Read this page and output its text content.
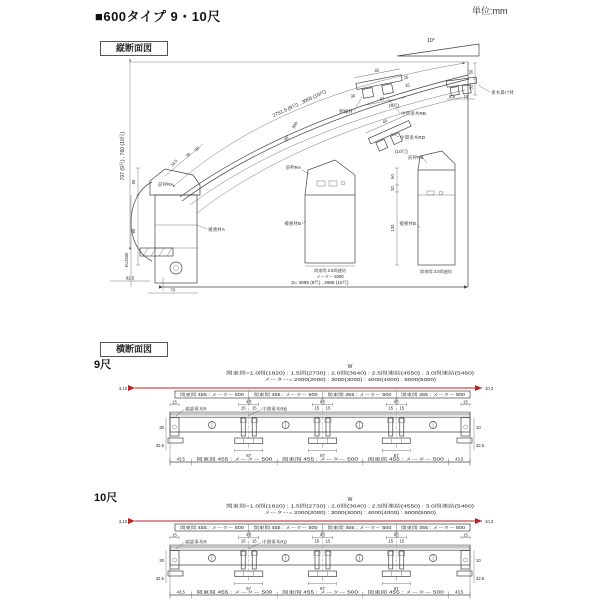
■600タイプ 9・10尺	単位:mm
縦断面図
10°
707 (9尺) , 760 (10尺)
2751.5 (9尺) , 3056 (10尺)
300
35°
34.5
30
50
45
67
30
25
15
野縁材
(9尺)
中間垂木RB
50
31
8.5 16
垂木掛け材
45
中間垂木RD
(10尺)
前枠RB
60
85
H=2400
92.5
70
前枠RA
補強材A
前枠RA
補強材B
関東間 2.5間連結
メーター 5000
60
20
120
補強材B
関東間 3.0間連結
D= 2685 (9尺) , 2985 (10尺)
横断面図
9尺	W
関東間=1.0間(1820) : 1.5間(2730) : 2.0間(3640) : 2.5間連結(4550) : 3.0間連結(5460)
メーター= 2000(2000) : 3000(3000) : 4000(4000) : 5000(5000)
3,10	10,3
関東間 455 : メーター 500	関東間 455 : メーター 500	関東間 455 : メーター 500	関東間 455 : メーター 500
15	15
45	45	45
15 15	15 15	15 15
67	67	67
端部垂木R	中間垂木RB
30
32.5
10
32.5
43.5	関東間 455 : メーター 500	関東間 455 : メーター 500	関東間 455 : メーター 500	43.5
10尺	W
関東間=1.0間(1820) : 1.5間(2730) : 2.0間(3640) : 2.5間連結(4550) : 3.0間連結(5460)
メーター= 2000(2000) : 3000(3000) : 4000(4000) : 5000(5000)
3,10	10,3
関東間 455 : メーター 500	関東間 455 : メーター 500	関東間 455 : メーター 500	関東間 455 : メーター 500
15	15
45	45	45
15 15	15 15	15 15
67	67	67
端部垂木R	中間垂木RD
30
32.5
10
32.5
43.5	関東間 455 : メーター 500	関東間 455 : メーター 500	関東間 455 : メーター 500	43.5
